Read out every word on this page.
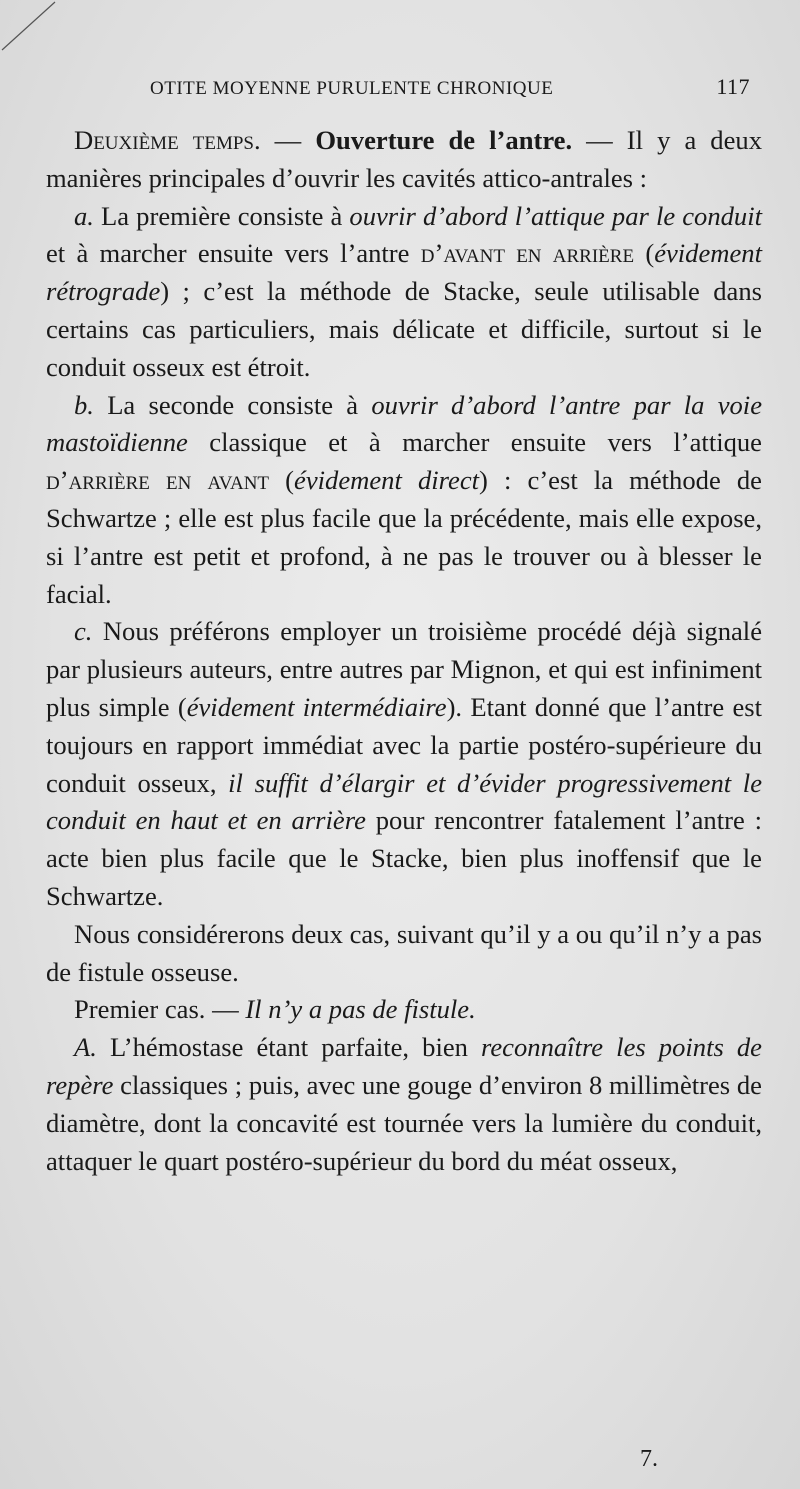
OTITE MOYENNE PURULENTE CHRONIQUE	117

Deuxième temps. — Ouverture de l’antre. — Il y a deux manières principales d’ouvrir les cavités attico-antrales :

a. La première consiste à ouvrir d’abord l’attique par le conduit et à marcher ensuite vers l’antre d’avant en arrière (évidement rétrograde) ; c’est la méthode de Stacke, seule utilisable dans certains cas particuliers, mais délicate et difficile, surtout si le conduit osseux est étroit.

b. La seconde consiste à ouvrir d’abord l’antre par la voie mastoïdienne classique et à marcher ensuite vers l’attique d’arrière en avant (évidement direct) : c’est la méthode de Schwartze ; elle est plus facile que la précédente, mais elle expose, si l’antre est petit et profond, à ne pas le trouver ou à blesser le facial.

c. Nous préférons employer un troisième procédé déjà signalé par plusieurs auteurs, entre autres par Mignon, et qui est infiniment plus simple (évidement intermédiaire). Etant donné que l’antre est toujours en rapport immédiat avec la partie postéro-supérieure du conduit osseux, il suffit d’élargir et d’évider progressivement le conduit en haut et en arrière pour rencontrer fatalement l’antre : acte bien plus facile que le Stacke, bien plus inoffensif que le Schwartze.

Nous considérerons deux cas, suivant qu’il y a ou qu’il n’y a pas de fistule osseuse.

Premier cas. — Il n’y a pas de fistule.

A. L’hémostase étant parfaite, bien reconnaître les points de repère classiques ; puis, avec une gouge d’environ 8 millimètres de diamètre, dont la concavité est tournée vers la lumière du conduit, attaquer le quart postéro-supérieur du bord du méat osseux,

7.
